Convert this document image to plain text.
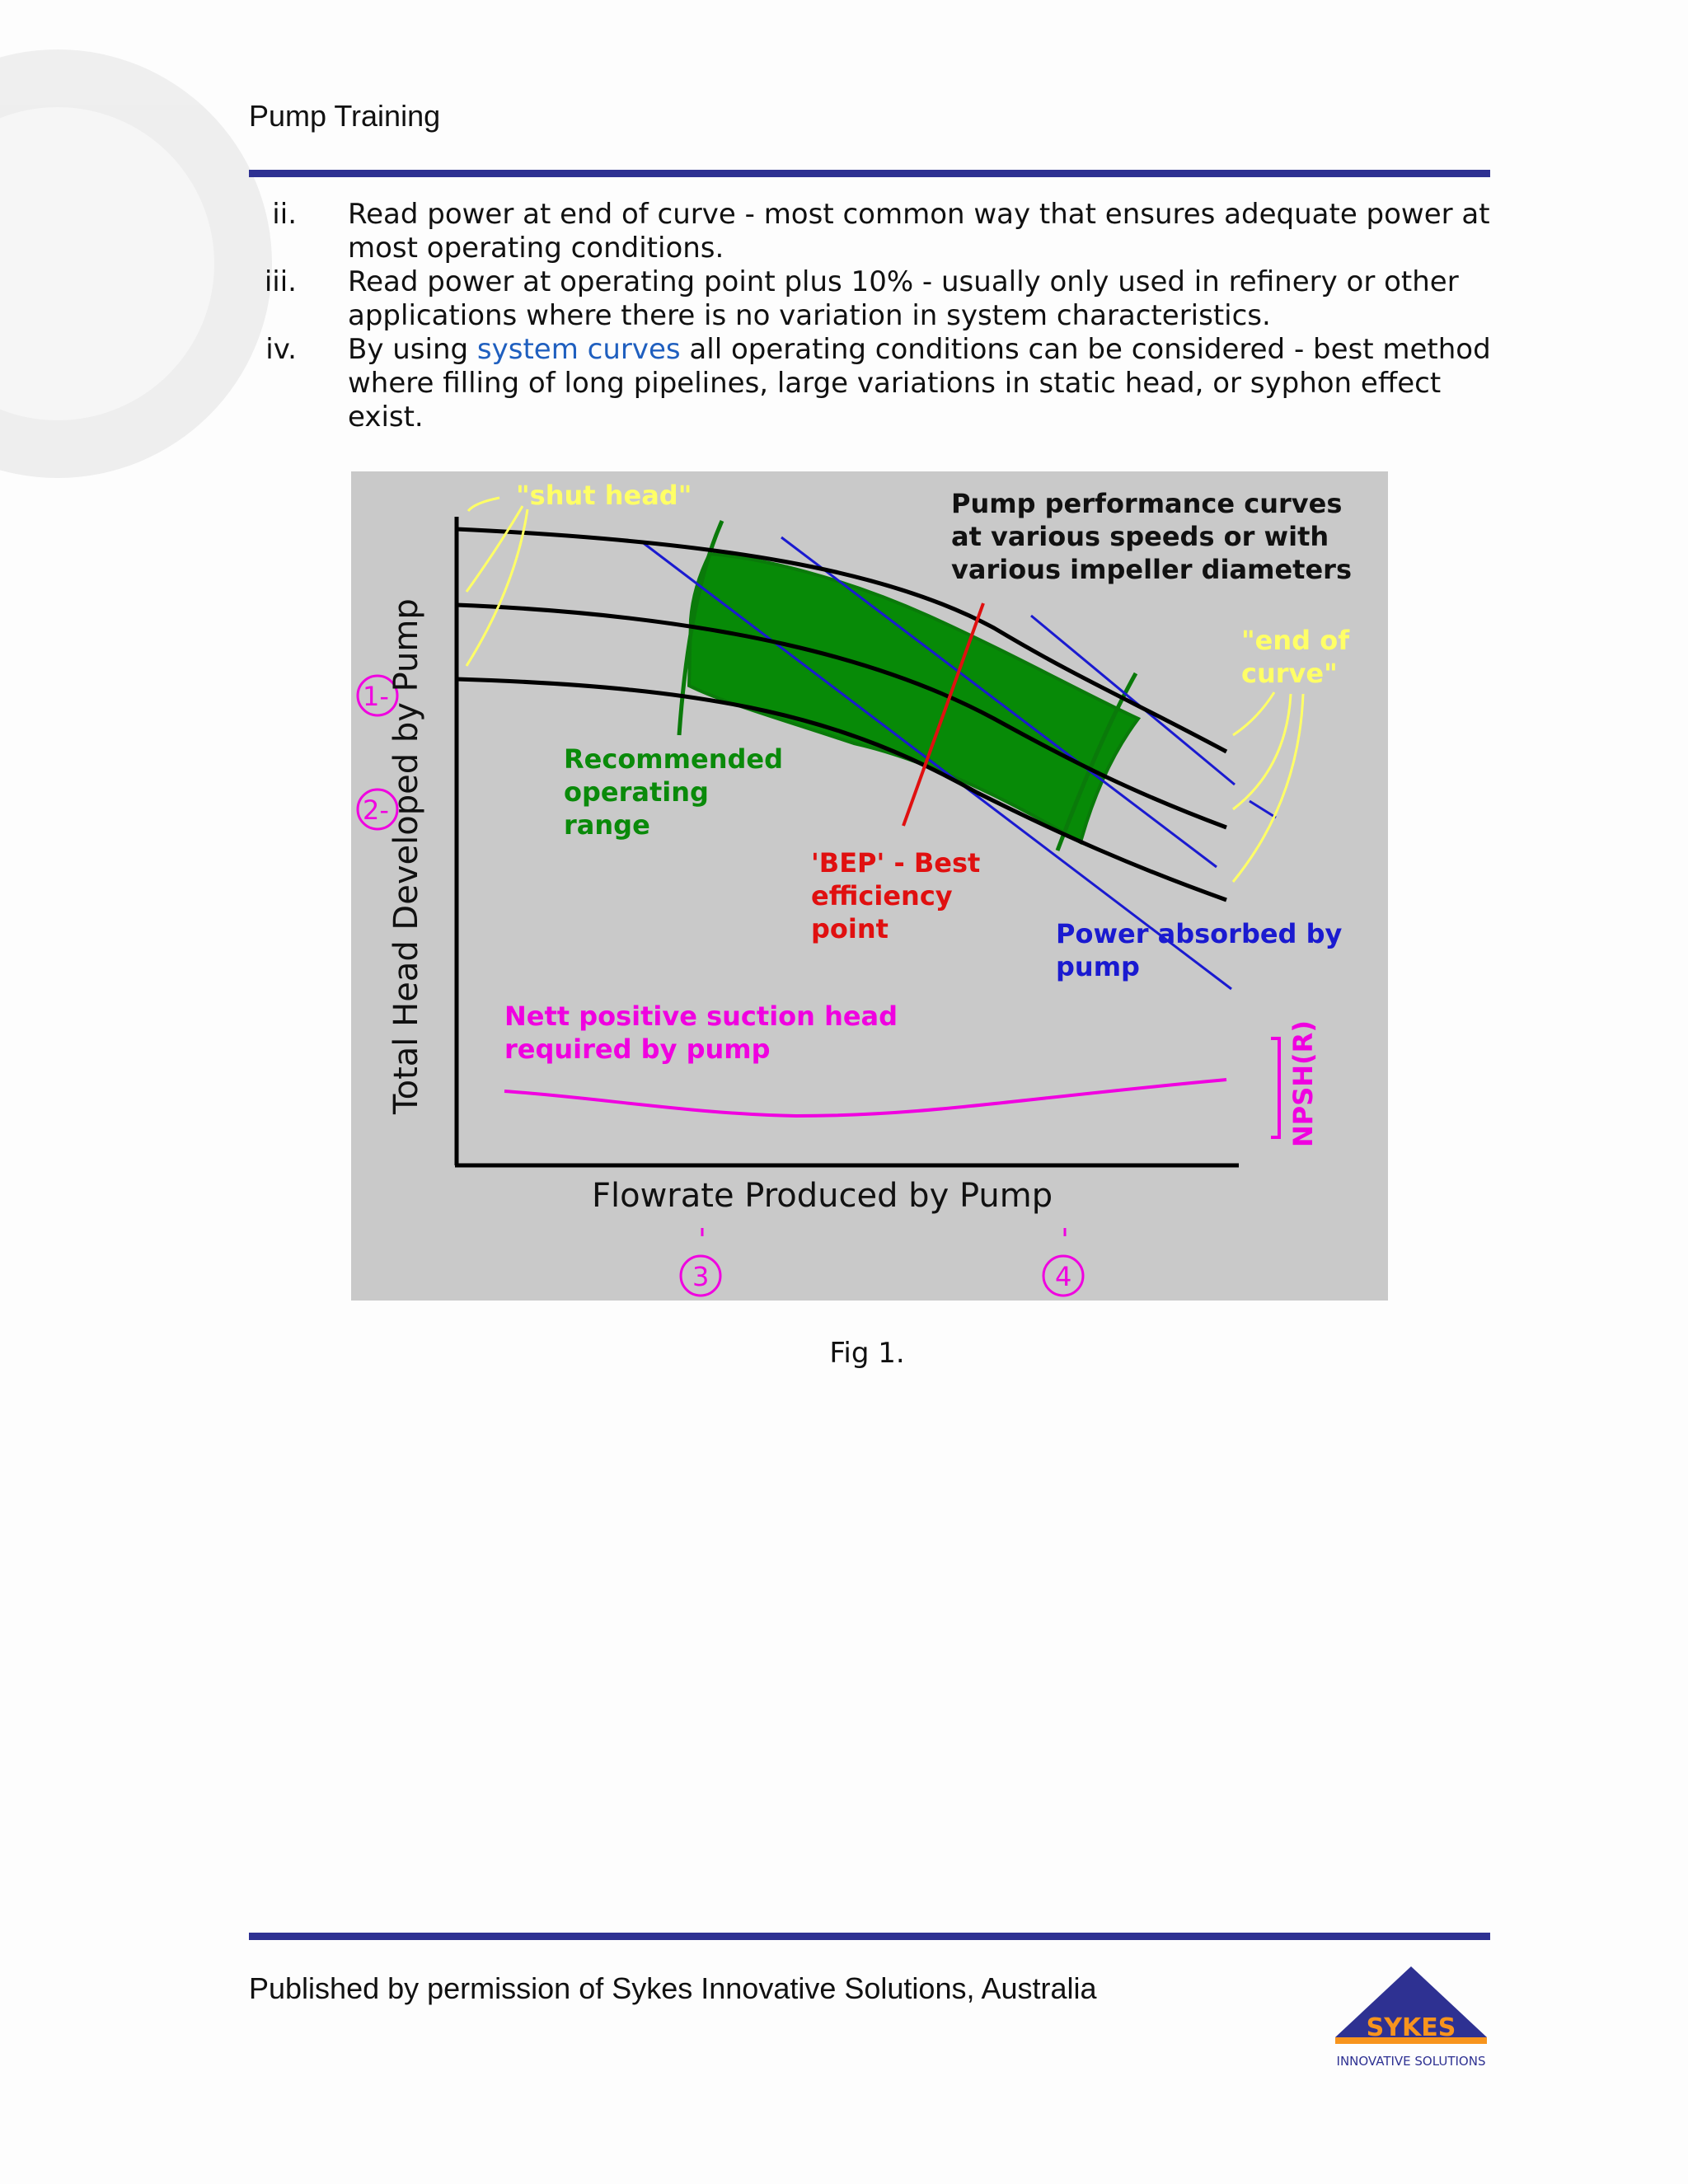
Pump Training

ii. Read power at end of curve - most common way that ensures adequate power at most operating conditions.

iii. Read power at operating point plus 10% - usually only used in refinery or other applications where there is no variation in system characteristics.

iv. By using system curves all operating conditions can be considered - best method where filling of long pipelines, large variations in static head, or syphon effect exist.

"shut head"	Pump performance curves
at various speeds or with
various impeller diameters
"end of
curve"
Recommended
operating
range
'BEP' - Best
efficiency
point	Power absorbed by
pump
Nett positive suction head
required by pump	NPSH(R)
Total Head Developed by Pump
Flowrate Produced by Pump
1-
2-
3	4
Fig 1.
Published by permission of Sykes Innovative Solutions, Australia
SYKES
INNOVATIVE SOLUTIONS
